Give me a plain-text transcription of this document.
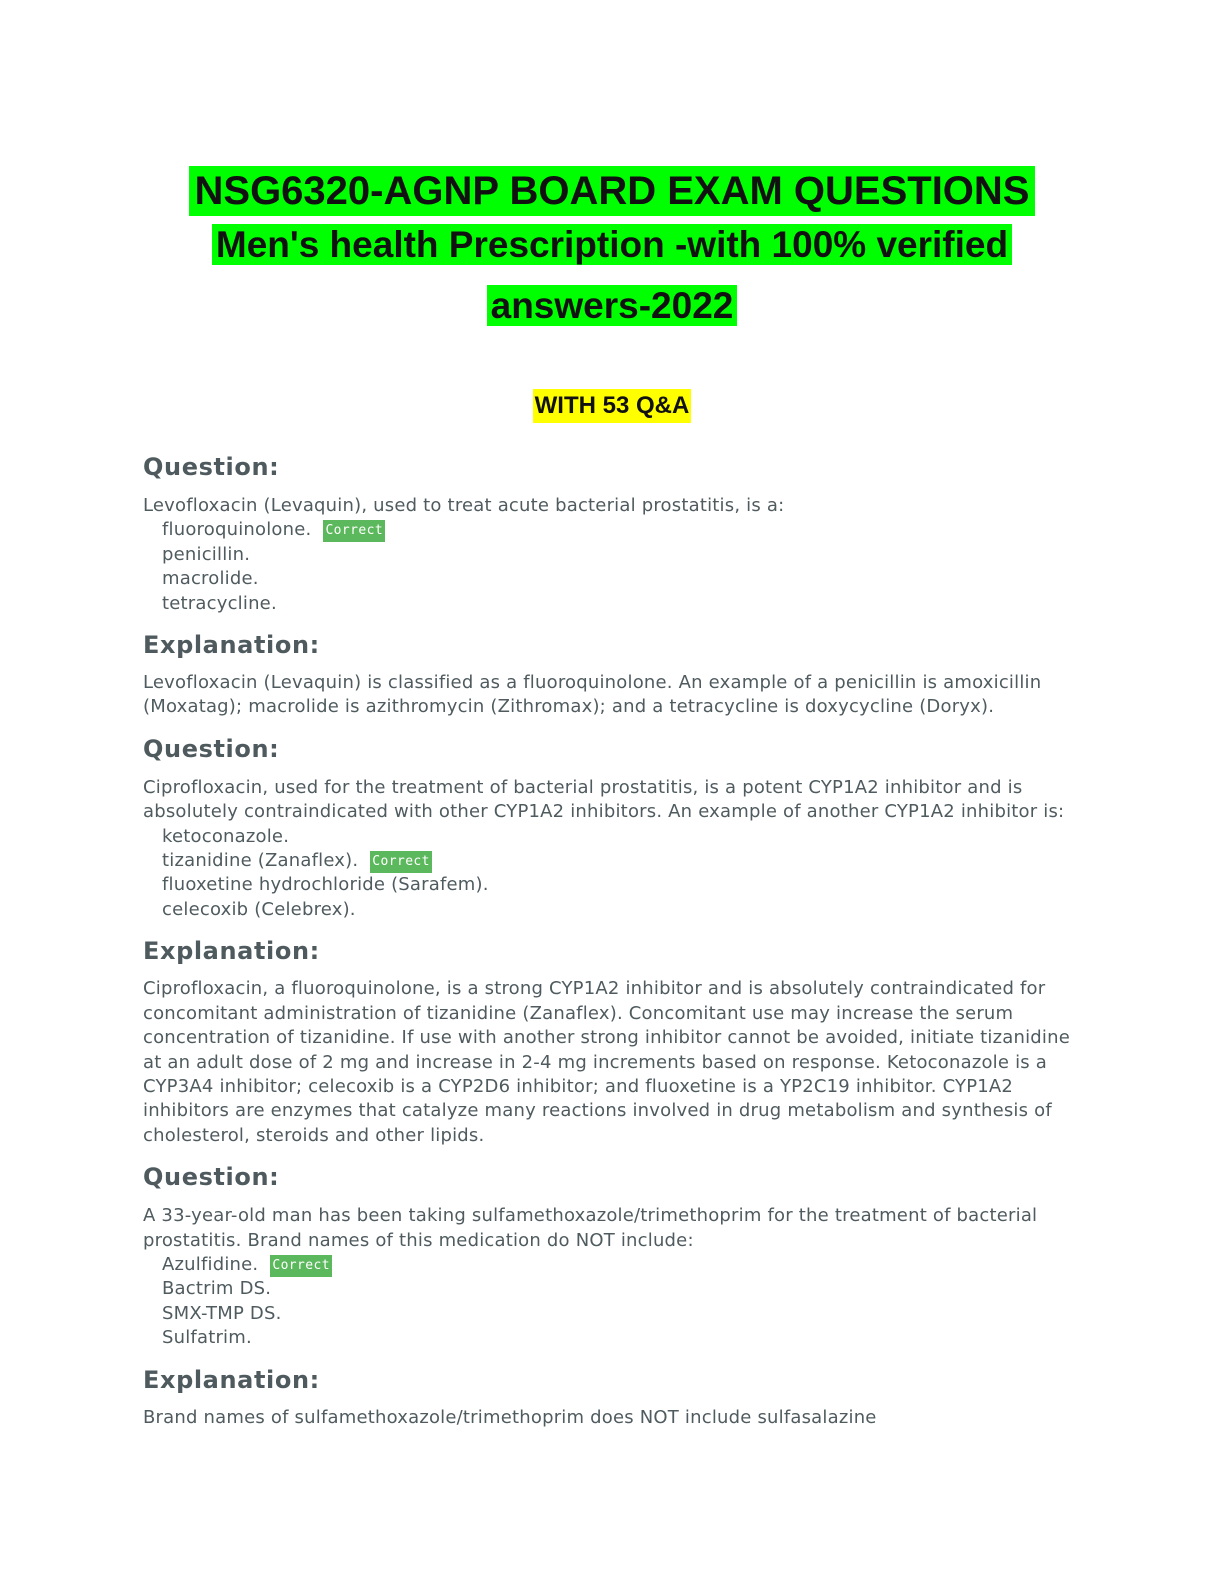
NSG6320-AGNP BOARD EXAM QUESTIONS
Men's health Prescription -with 100% verified answers-2022
WITH 53 Q&A
Question:

Levofloxacin (Levaquin), used to treat acute bacterial prostatitis, is a:

fluoroquinolone. Correct
penicillin.
macrolide.
tetracycline.
Explanation:

Levofloxacin (Levaquin) is classified as a fluoroquinolone. An example of a penicillin is amoxicillin (Moxatag); macrolide is azithromycin (Zithromax); and a tetracycline is doxycycline (Doryx).

Question:

Ciprofloxacin, used for the treatment of bacterial prostatitis, is a potent CYP1A2 inhibitor and is absolutely contraindicated with other CYP1A2 inhibitors. An example of another CYP1A2 inhibitor is:

ketoconazole.
tizanidine (Zanaflex). Correct
fluoxetine hydrochloride (Sarafem).
celecoxib (Celebrex).
Explanation:

Ciprofloxacin, a fluoroquinolone, is a strong CYP1A2 inhibitor and is absolutely contraindicated for concomitant administration of tizanidine (Zanaflex). Concomitant use may increase the serum concentration of tizanidine. If use with another strong inhibitor cannot be avoided, initiate tizanidine at an adult dose of 2 mg and increase in 2-4 mg increments based on response. Ketoconazole is a CYP3A4 inhibitor; celecoxib is a CYP2D6 inhibitor; and fluoxetine is a YP2C19 inhibitor. CYP1A2 inhibitors are enzymes that catalyze many reactions involved in drug metabolism and synthesis of cholesterol, steroids and other lipids.

Question:

A 33-year-old man has been taking sulfamethoxazole/trimethoprim for the treatment of bacterial prostatitis. Brand names of this medication do NOT include:

Azulfidine. Correct
Bactrim DS.
SMX-TMP DS.
Sulfatrim.
Explanation:

Brand names of sulfamethoxazole/trimethoprim does NOT include sulfasalazine
